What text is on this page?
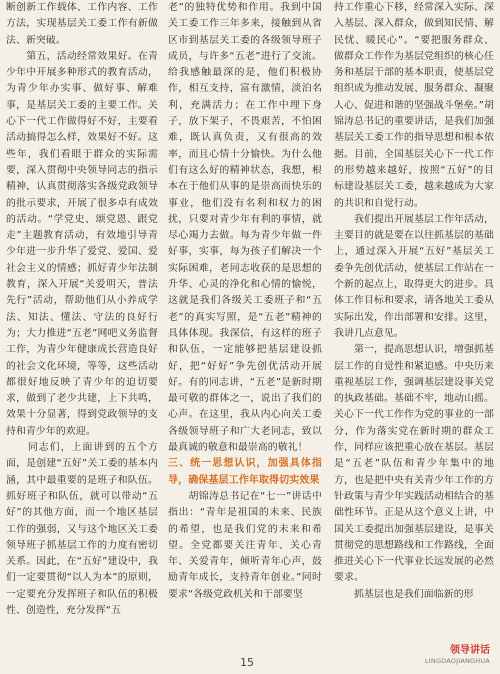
断创新工作载体、工作内容、工作方法，实现基层关工委工作有新做法、新突破。

　　第五，活动经常效果好。在青少年中开展多种形式的教育活动，为青少年办实事、做好事、解难事，是基层关工委的主要工作。关心下一代工作做得好不好，主要看活动搞得怎么样，效果好不好。这些年，我们看眼于群众的实际需要，深入贯彻中央领导同志的指示精神，认真贯彻落实各级党政领导的批示要求，开展了很多卓有成效的活动。“学党史、颂党恩、跟党走”主题教育活动，有效地引导青少年进一步升华了爱党、爱国、爱社会主义的情感；抓好青少年法制教育，深入开展“关爱明天，普法先行”活动，帮助他们从小养成学法、知法、懂法、守法的良好行为；大力推进“五老”网吧义务监督工作，为青少年健康成长营造良好的社会文化环境，等等，这些活动都很好地反映了青少年的迫切要求，做到了老少共建，上下共鸣，效果十分显著，得到党政领导的支持和青少年的欢迎。

　　同志们，上面讲到的五个方面，是创建“五好”关工委的基本内涵，其中最重要的是班子和队伍。抓好班子和队伍，就可以带动“五好”的其他方面，而一个地区基层工作的强弱，又与这个地区关工委领导班子抓基层工作的力度有密切关系。因此，在“五好”建设中，我们一定要贯彻“以人为本”的原则，一定要充分发挥班子和队伍的积极性、创造性，充分发挥“五

老”的独特优势和作用。我到中国关工委工作三年多来，接触到从省区市到基层关工委的各级领导班子成员，与许多“五老”进行了交流。给我感触最深的是，他们积极协作，相互支持，富有激情，淡泊名利，充满活力；在工作中埋下身子，放下架子，不畏艰苦，不怕困难，既认真负责，又有很高的效率，而且心情十分愉快。为什么他们有这么好的精神状态，我想，根本在于他们从事的是崇高而快乐的事业，他们没有名利和权力的困扰，只要对青少年有利的事情，就尽心竭力去做。每为青少年做一件好事，实事，每为孩子们解决一个实际困难，老同志收获的是思想的升华、心灵的净化和心情的愉悦，这就是我们各级关工委班子和“五老”的真实写照，是“五老”精神的具体体现。我深信，有这样的班子和队伍，一定能够把基层建设抓好，把“好好”争先创优活动开展好。有的同志讲，“五老”是新时期最可敬的群体之一，说出了我们的心声。在这里，我从内心向关工委各级领导班子和广大老同志，致以最真诚的敬意和最崇高的敬礼！

三、统一思想认识，加强具体指导，确保基层工作年取得切实效果

　　胡锦涛总书记在“七一”讲话中指出：“青年是祖国的未来、民族的希望，也是我们党的未来和希望。全党都要关注青年、关心青年、关爱青年，倾听青年心声，鼓励青年成长，支持青年创业。”同时要求“各级党政机关和干部要坚

持工作重心下移，经常深入实际、深入基层、深入群众，做到知民情、解民忧、暖民心”。“要把服务群众、做群众工作作为基层党组织的核心任务和基层干部的基本职责，使基层党组织成为推动发展、服务群众、凝聚人心、促进和谐的坚强战斗堡垒。”胡锦涛总书记的重要讲话，是我们加强基层关工委工作的指导思想和根本依据。目前，全国基层关心下一代工作的形势越来越好，按照“五好”的目标建设基层关工委，越来越成为大家的共识和自觉行动。

　　我们提出开展基层工作年活动，主要目的就是要在以往抓基层的基础上，通过深入开展“五好”基层关工委争先创优活动，使基层工作站在一个新的起点上，取得更大的进步。具体工作目标和要求，请各地关工委从实际出发，作出部署和安排。这里，我讲几点意见。

　　第一，提高思想认识，增强抓基层工作的自觉性和紧迫感。中央历来重视基层工作，强调基层建设事关党的执政基础。基础不牢，地动山摇。关心下一代工作作为党的事业的一部分，作为落实党在新时期的群众工作，同样应该把重心放在基层。基层是“五老”队伍和青少年集中的地方，也是把中央有关青少年工作的方针政策与青少年实践活动相结合的基础性环节。正是从这个意义上讲，中国关工委提出加强基层建设，是事关贯彻党的思想路线和工作路线，全面推进关心下一代事业长远发展的必然要求。

　　抓基层也是我们面临新的形

15
领导讲话
LINGDAOJIANGHUA
